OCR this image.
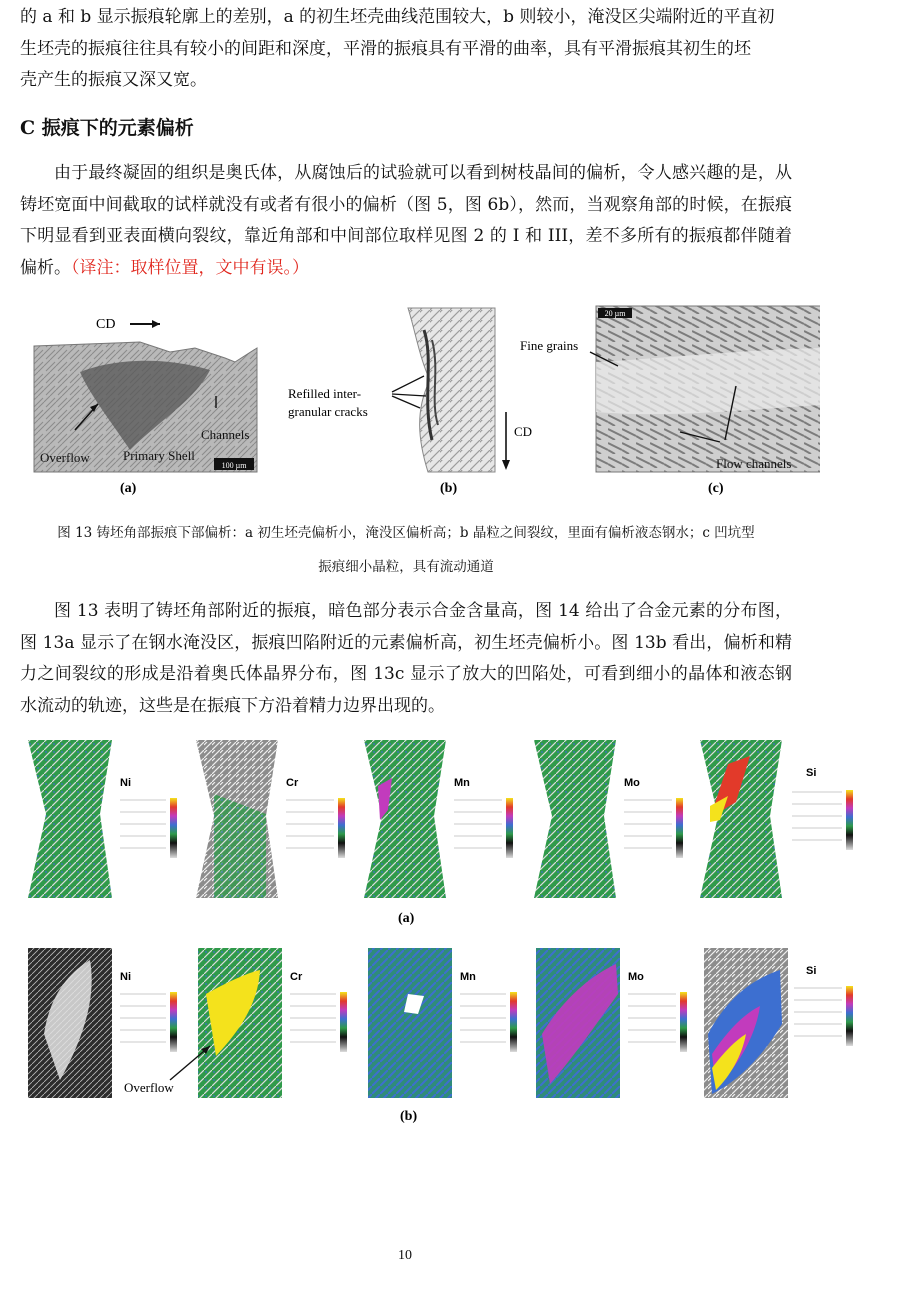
的 a 和 b 显示振痕轮廓上的差别，a 的初生坯壳曲线范围较大，b 则较小，淹没区尖端附近的平直初
生坯壳的振痕往往具有较小的间距和深度，平滑的振痕具有平滑的曲率，具有平滑振痕其初生的坯
壳产生的振痕又深又宽。
C 振痕下的元素偏析

由于最终凝固的组织是奥氏体，从腐蚀后的试验就可以看到树枝晶间的偏析，令人感兴趣的是，从铸坯宽面中间截取的试样就没有或者有很小的偏析（图 5，图 6b），然而，当观察角部的时候，在振痕下明显看到亚表面横向裂纹，靠近角部和中间部位取样见图 2 的 I 和 III，差不多所有的振痕都伴随着偏析。（译注：取样位置，文中有误。）

CD
Overflow	Primary Shell
Channels
100 µm
(a)
Refilled inter-
granular cracks
CD
(b)
20 µm
Fine grains
Flow channels
(c)
图 13 铸坯角部振痕下部偏析：a 初生坯壳偏析小，淹没区偏析高；b 晶粒之间裂纹，里面有偏析液态钢水；c 凹坑型
振痕细小晶粒，具有流动通道

图 13 表明了铸坯角部附近的振痕，暗色部分表示合金含量高，图 14 给出了合金元素的分布图，图 13a 显示了在钢水淹没区，振痕凹陷附近的元素偏析高，初生坯壳偏析小。图 13b 看出，偏析和精力之间裂纹的形成是沿着奥氏体晶界分布，图 13c 显示了放大的凹陷处，可看到细小的晶体和液态钢水流动的轨迹，这些是在振痕下方沿着精力边界出现的。

Ni	Cr	Mn	Mo
Si
(a)
Ni	Cr
Overflow
Mn	Mo	Si
(b)
10
